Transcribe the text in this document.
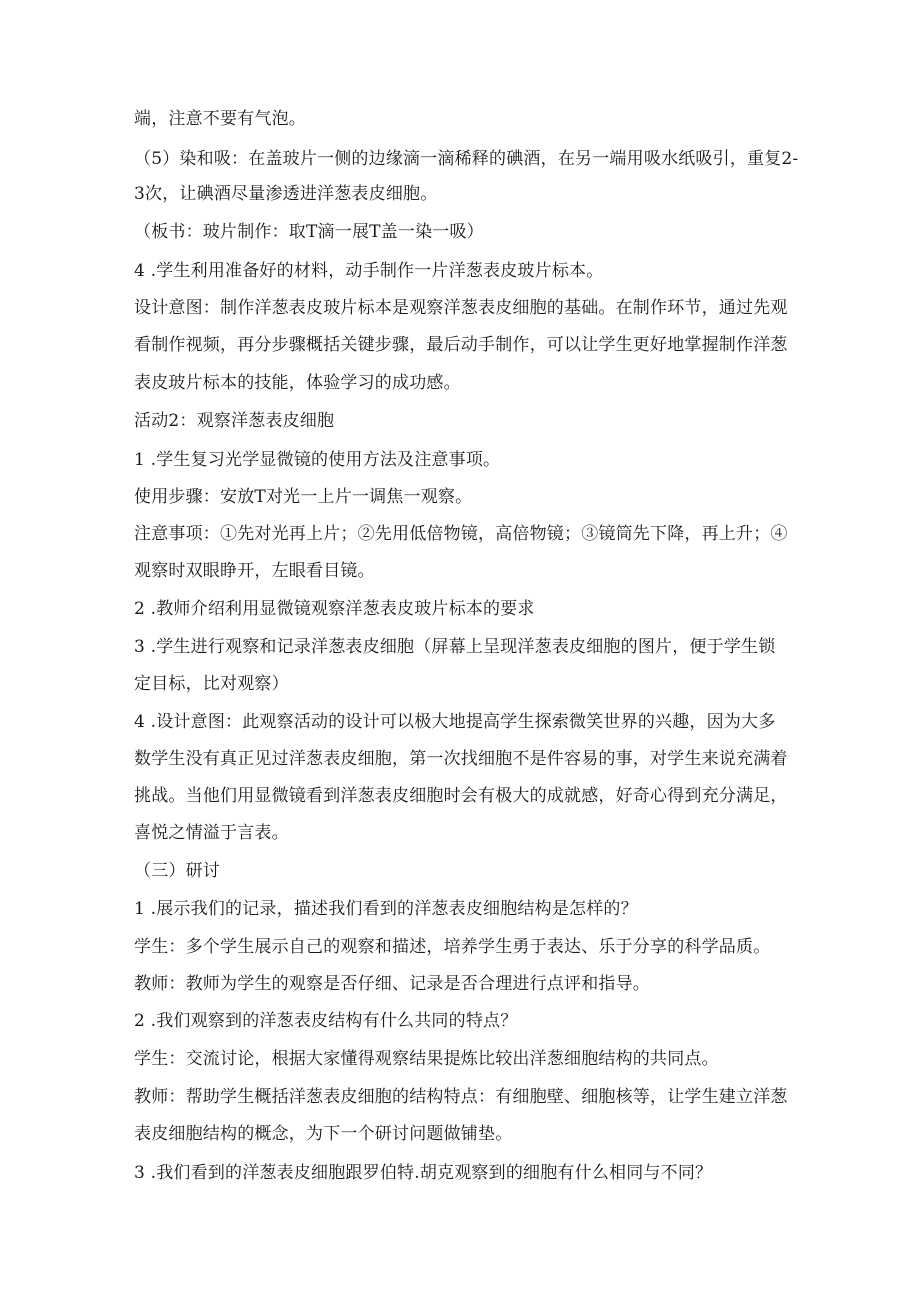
端，注意不要有气泡。
（5）染和吸：在盖玻片一侧的边缘滴一滴稀释的碘酒，在另一端用吸水纸吸引，重复2-
3次，让碘酒尽量渗透进洋葱表皮细胞。
（板书：玻片制作：取T滴一展T盖一染一吸）
4 .学生利用准备好的材料，动手制作一片洋葱表皮玻片标本。
设计意图：制作洋葱表皮玻片标本是观察洋葱表皮细胞的基础。在制作环节，通过先观
看制作视频，再分步骤概括关键步骤，最后动手制作，可以让学生更好地掌握制作洋葱
表皮玻片标本的技能，体验学习的成功感。
活动2：观察洋葱表皮细胞
1 .学生复习光学显微镜的使用方法及注意事项。
使用步骤：安放T对光一上片一调焦一观察。
注意事项：①先对光再上片；②先用低倍物镜，高倍物镜；③镜筒先下降，再上升；④
观察时双眼睁开，左眼看目镜。
2 .教师介绍利用显微镜观察洋葱表皮玻片标本的要求
3 .学生进行观察和记录洋葱表皮细胞（屏幕上呈现洋葱表皮细胞的图片，便于学生锁
定目标，比对观察）
4 .设计意图：此观察活动的设计可以极大地提高学生探索微笑世界的兴趣，因为大多
数学生没有真正见过洋葱表皮细胞，第一次找细胞不是件容易的事，对学生来说充满着
挑战。当他们用显微镜看到洋葱表皮细胞时会有极大的成就感，好奇心得到充分满足，
喜悦之情溢于言表。
（三）研讨
1 .展示我们的记录，描述我们看到的洋葱表皮细胞结构是怎样的？
学生：多个学生展示自己的观察和描述，培养学生勇于表达、乐于分享的科学品质。
教师：教师为学生的观察是否仔细、记录是否合理进行点评和指导。
2 .我们观察到的洋葱表皮结构有什么共同的特点？
学生：交流讨论，根据大家懂得观察结果提炼比较出洋葱细胞结构的共同点。
教师：帮助学生概括洋葱表皮细胞的结构特点：有细胞壁、细胞核等，让学生建立洋葱
表皮细胞结构的概念，为下一个研讨问题做铺垫。
3 .我们看到的洋葱表皮细胞跟罗伯特.胡克观察到的细胞有什么相同与不同？
